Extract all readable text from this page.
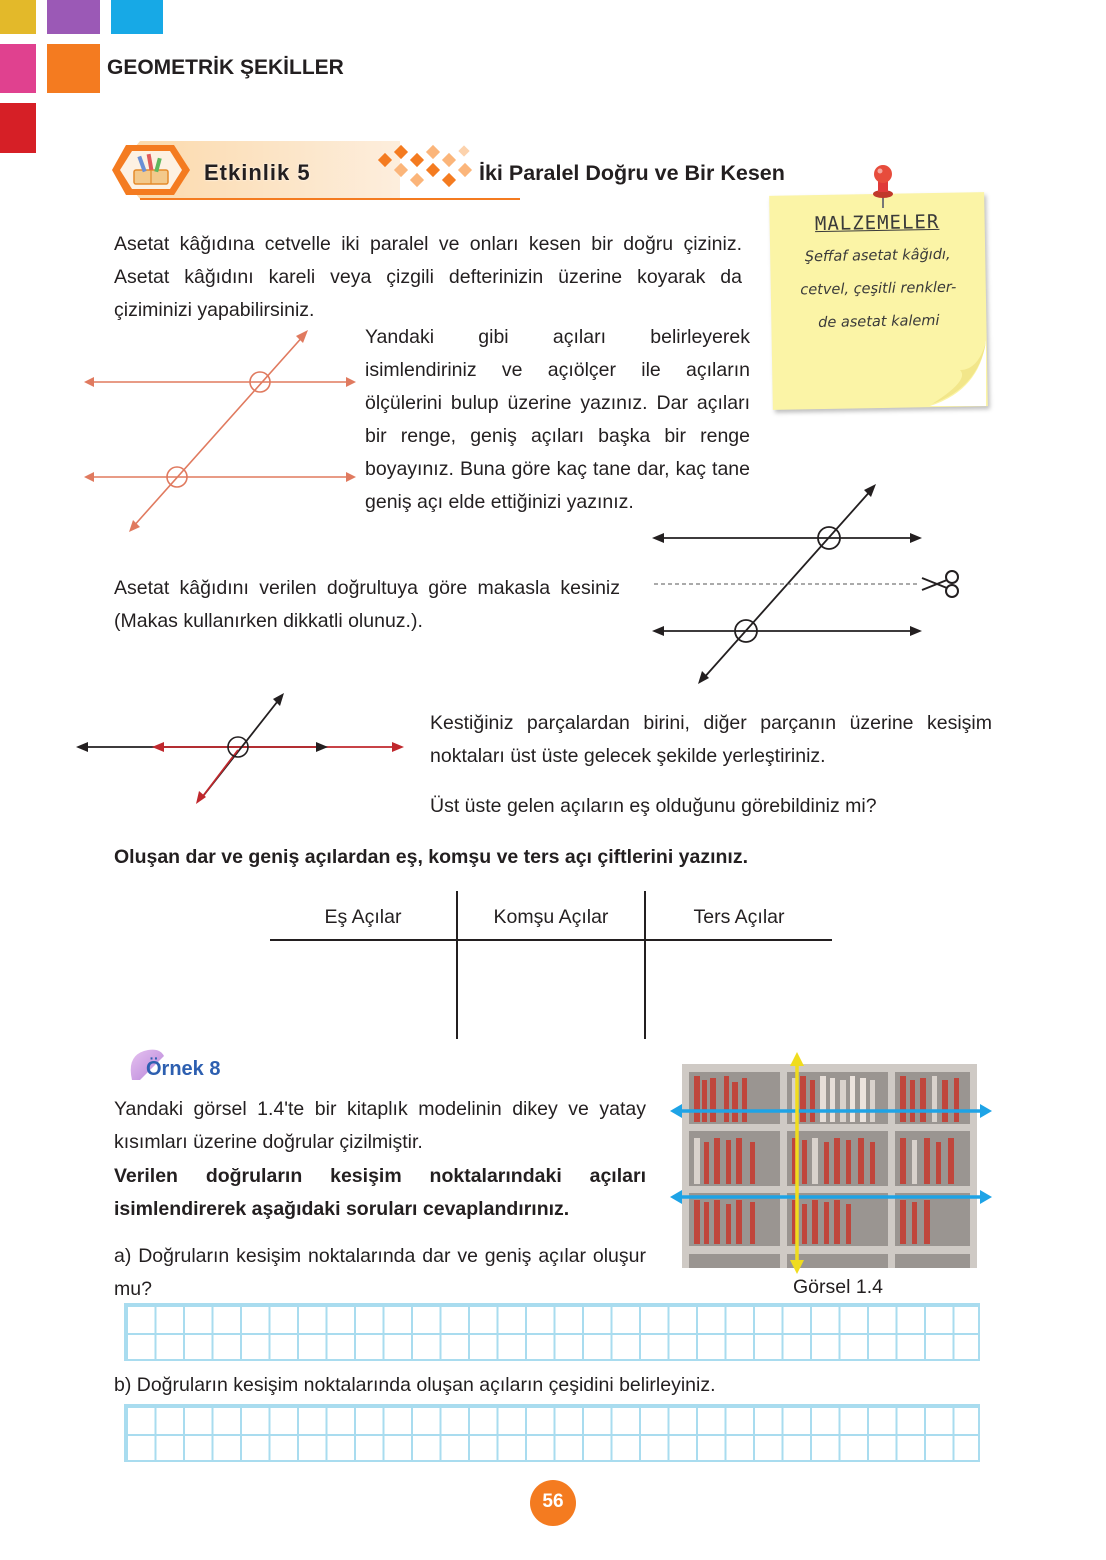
GEOMETRİK ŞEKİLLER
Etkinlik 5	İki Paralel Doğru ve Bir Kesen
MALZEMELER
Şeffaf asetat kâğıdı,
cetvel, çeşitli renkler-
de asetat kalemi
Asetat kâğıdına cetvelle iki paralel ve onları kesen bir doğru çiziniz. Asetat kâğıdını kareli veya çizgili defterinizin üzerine koyarak da çiziminizi yapabilirsiniz.
Yandaki gibi açıları belirleyerek isimlendiriniz ve açıölçer ile açıların ölçülerini bulup üzerine yazınız. Dar açıları bir renge, geniş açıları başka bir renge boyayınız. Buna göre kaç tane dar, kaç tane geniş açı elde ettiğinizi yazınız.
Asetat kâğıdını verilen doğrultuya göre makasla kesiniz (Makas kullanırken dikkatli olunuz.).
Kestiğiniz parçalardan birini, diğer parçanın üzerine kesişim noktaları üst üste gelecek şekilde yerleştiriniz.
Üst üste gelen açıların eş olduğunu görebildiniz mi?
Oluşan dar ve geniş açılardan eş, komşu ve ters açı çiftlerini yazınız.
Eş Açılar	Komşu Açılar	Ters Açılar
Örnek 8
Yandaki görsel 1.4'te bir kitaplık modelinin dikey ve yatay kısımları üzerine doğrular çizilmiştir.
Verilen doğruların kesişim noktalarındaki açıları isimlendirerek aşağıdaki soruları cevaplandırınız.
a) Doğruların kesişim noktalarında dar ve geniş açılar oluşur mu?	Görsel 1.4
b) Doğruların kesişim noktalarında oluşan açıların çeşidini belirleyiniz.
56
